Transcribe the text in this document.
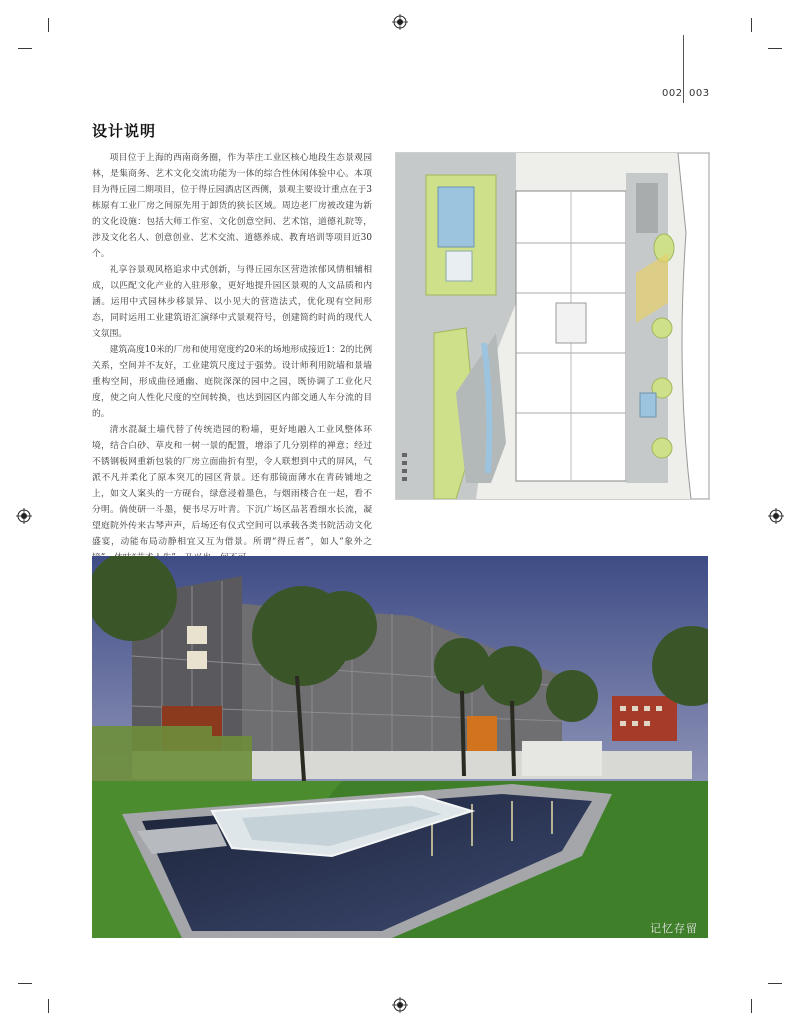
002 003
设计说明

项目位于上海的西南商务圈，作为莘庄工业区核心地段生态景观园林，是集商务、艺术文化交流功能为一体的综合性休闲体验中心。本项目为得丘园二期项目，位于得丘园酒店区西侧，景观主要设计重点在于3栋原有工业厂房之间原先用于卸货的狭长区域。周边老厂房被改建为新的文化设施：包括大师工作室、文化创意空间、艺术馆，道德礼院等，涉及文化名人、创意创业、艺术交流、道德养成、教育培训等项目近30个。

礼享谷景观风格追求中式创新，与得丘园东区营造浓郁风情相辅相成，以匹配文化产业的入驻形象，更好地提升园区景观的人文品质和内涵。运用中式园林步移景异、以小见大的营造法式，优化现有空间形态，同时运用工业建筑语汇演绎中式景观符号，创建简约时尚的现代人文氛围。

建筑高度10米的厂房和使用宽度约20米的场地形成接近1：2的比例关系，空间并不友好，工业建筑尺度过于强势。设计师利用院墙和景墙重构空间，形成曲径通幽、庭院深深的园中之园，既协调了工业化尺度，使之向人性化尺度的空间转换，也达到园区内部交通人车分流的目的。

清水混凝土墙代替了传统造园的粉墙，更好地融入工业风整体环境，结合白砂、草皮和一树一景的配置，增添了几分别样的禅意；经过不锈钢板网重新包装的厂房立面曲折有型，令人联想到中式的屏风，气派不凡并柔化了原本突兀的园区背景。还有那镜面薄水在青砖铺地之上，如文人案头的一方砚台，绿意浸着墨色，与烟雨楼合在一起，看不分明。倘使研一斗墨，便书尽万叶青。下沉广场区品茗看细水长流，凝望庭院外传来古琴声声，后场还有仪式空间可以承载各类书院活动文化盛宴，动能布局动静相宜又互为借景。所谓“得丘者”，如人“象外之

记忆存留
